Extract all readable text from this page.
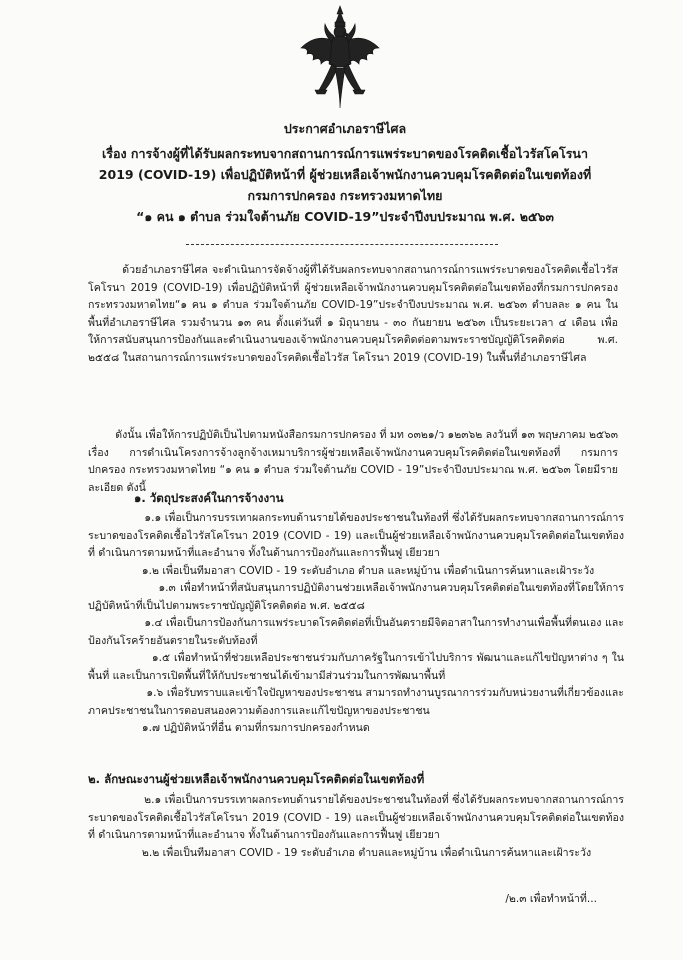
ประกาศอำเภอราษีไศล
เรื่อง การจ้างผู้ที่ได้รับผลกระทบจากสถานการณ์การแพร่ระบาดของโรคติดเชื้อไวรัสโคโรนา
2019 (COVID-19) เพื่อปฏิบัติหน้าที่ ผู้ช่วยเหลือเจ้าพนักงานควบคุมโรคติดต่อในเขตท้องที่
กรมการปกครอง กระทรวงมหาดไทย
“๑ คน ๑ ตำบล ร่วมใจต้านภัย COVID-19”ประจำปีงบประมาณ พ.ศ. ๒๕๖๓
ด้วยอำเภอราษีไศล จะดำเนินการจัดจ้างผู้ที่ได้รับผลกระทบจากสถานการณ์การแพร่ระบาดของโรคติดเชื้อไวรัสโคโรนา 2019 (COVID-19) เพื่อปฏิบัติหน้าที่ ผู้ช่วยเหลือเจ้าพนักงานควบคุมโรคติดต่อในเขตท้องที่กรมการปกครอง กระทรวงมหาดไทย“๑ คน ๑ ตำบล ร่วมใจต้านภัย COVID-19”ประจำปีงบประมาณ พ.ศ. ๒๕๖๓ ตำบลละ ๑ คน ในพื้นที่อำเภอราษีไศล รวมจำนวน ๑๓ คน ตั้งแต่วันที่ ๑ มิถุนายน - ๓๐ กันยายน ๒๕๖๓ เป็นระยะเวลา ๔ เดือน เพื่อให้การสนับสนุนการป้องกันและดำเนินงานของเจ้าพนักงานควบคุมโรคติดต่อตามพระราชบัญญัติโรคติดต่อ พ.ศ. ๒๕๕๘ ในสถานการณ์การแพร่ระบาดของโรคติดเชื้อไวรัส โคโรนา 2019 (COVID-19) ในพื้นที่อำเภอราษีไศล
ดังนั้น เพื่อให้การปฏิบัติเป็นไปตามหนังสือกรมการปกครอง ที่ มท ๐๓๒๑/ว ๑๒๓๖๒ ลงวันที่ ๑๓ พฤษภาคม ๒๕๖๓ เรื่อง การดำเนินโครงการจ้างลูกจ้างเหมาบริการผู้ช่วยเหลือเจ้าพนักงานควบคุมโรคติดต่อในเขตท้องที่ กรมการปกครอง กระทรวงมหาดไทย “๑ คน ๑ ตำบล ร่วมใจต้านภัย COVID - 19”ประจำปีงบประมาณ พ.ศ. ๒๕๖๓ โดยมีรายละเอียด ดังนี้
๑. วัตถุประสงค์ในการจ้างงาน
๑.๑ เพื่อเป็นการบรรเทาผลกระทบด้านรายได้ของประชาชนในท้องที่ ซึ่งได้รับผลกระทบจากสถานการณ์การระบาดของโรคติดเชื้อไวรัสโคโรนา 2019 (COVID - 19) และเป็นผู้ช่วยเหลือเจ้าพนักงานควบคุมโรคติดต่อในเขตท้องที่ ดำเนินการตามหน้าที่และอำนาจ ทั้งในด้านการป้องกันและการฟื้นฟู เยียวยา
๑.๒ เพื่อเป็นทีมอาสา COVID - 19 ระดับอำเภอ ตำบล และหมู่บ้าน เพื่อดำเนินการค้นหาและเฝ้าระวัง
๑.๓ เพื่อทำหน้าที่สนับสนุนการปฏิบัติงานช่วยเหลือเจ้าพนักงานควบคุมโรคติดต่อในเขตท้องที่โดยให้การปฏิบัติหน้าที่เป็นไปตามพระราชบัญญัติโรคติดต่อ พ.ศ. ๒๕๕๘
๑.๔ เพื่อเป็นการป้องกันการแพร่ระบาดโรคติดต่อที่เป็นอันตรายมีจิตอาสาในการทำงานเพื่อพื้นที่ตนเอง และป้องกันโรคร้ายอันตรายในระดับท้องที่
๑.๕ เพื่อทำหน้าที่ช่วยเหลือประชาชนร่วมกับภาครัฐในการเข้าไปบริการ พัฒนาและแก้ไขปัญหาต่าง ๆ ในพื้นที่ และเป็นการเปิดพื้นที่ให้กับประชาชนได้เข้ามามีส่วนร่วมในการพัฒนาพื้นที่
๑.๖ เพื่อรับทราบและเข้าใจปัญหาของประชาชน สามารถทำงานบูรณาการร่วมกับหน่วยงานที่เกี่ยวข้องและภาคประชาชนในการตอบสนองความต้องการและแก้ไขปัญหาของประชาชน
๑.๗ ปฏิบัติหน้าที่อื่น ตามที่กรมการปกครองกำหนด
๒. ลักษณะงานผู้ช่วยเหลือเจ้าพนักงานควบคุมโรคติดต่อในเขตท้องที่
๒.๑ เพื่อเป็นการบรรเทาผลกระทบด้านรายได้ของประชาชนในท้องที่ ซึ่งได้รับผลกระทบจากสถานการณ์การระบาดของโรคติดเชื้อไวรัสโคโรนา 2019 (COVID - 19) และเป็นผู้ช่วยเหลือเจ้าพนักงานควบคุมโรคติดต่อในเขตท้องที่ ดำเนินการตามหน้าที่และอำนาจ ทั้งในด้านการป้องกันและการฟื้นฟู เยียวยา
๒.๒ เพื่อเป็นทีมอาสา COVID - 19 ระดับอำเภอ ตำบลและหมู่บ้าน เพื่อดำเนินการค้นหาและเฝ้าระวัง
/๒.๓ เพื่อทำหน้าที่...
